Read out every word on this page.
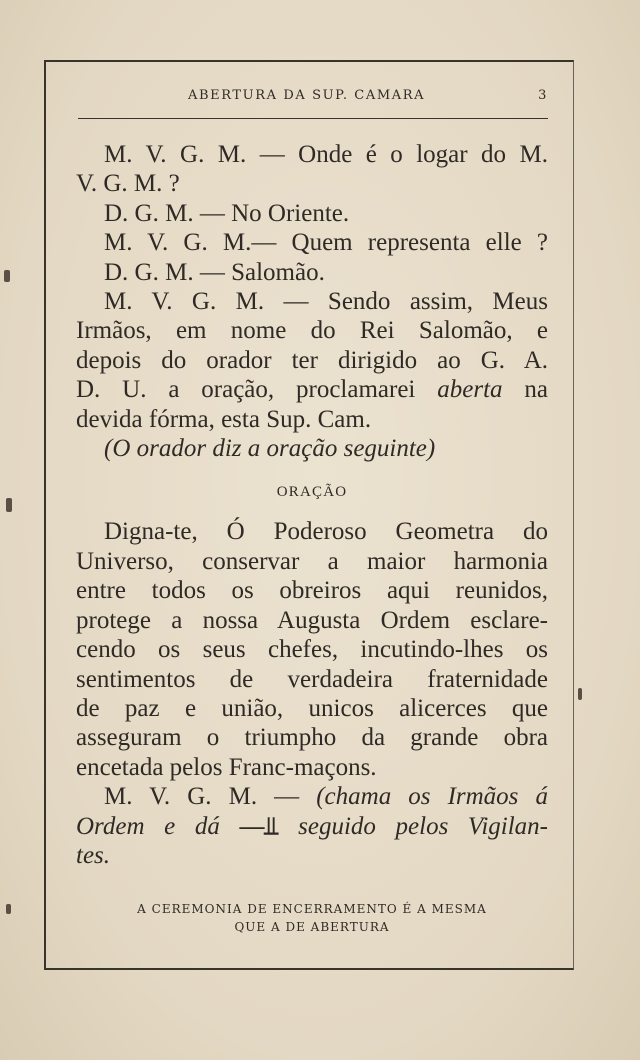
ABERTURA DA SUP. CAMARA	3

M. V. G. M. — Onde é o logar do M.

V. G. M. ?

D. G. M. — No Oriente.

M. V. G. M.— Quem representa elle ?

D. G. M. — Salomão.

M. V. G. M. — Sendo assim, Meus

Irmãos, em nome do Rei Salomão, e

depois do orador ter dirigido ao G. A.

D. U. a oração, proclamarei aberta na

devida fórma, esta Sup. Cam.

(O orador diz a oração seguinte)

ORAÇÃO

Digna-te, Ó Poderoso Geometra do

Universo, conservar a maior harmonia

entre todos os obreiros aqui reunidos,

protege a nossa Augusta Ordem esclare-

cendo os seus chefes, incutindo-lhes os

sentimentos de verdadeira fraternidade

de paz e união, unicos alicerces que

asseguram o triumpho da grande obra

encetada pelos Franc-maçons.

M. V. G. M. — (chama os Irmãos á

Ordem e dá —⫫ seguido pelos Vigilan-

tes.

A CEREMONIA DE ENCERRAMENTO É A MESMA
QUE A DE ABERTURA
